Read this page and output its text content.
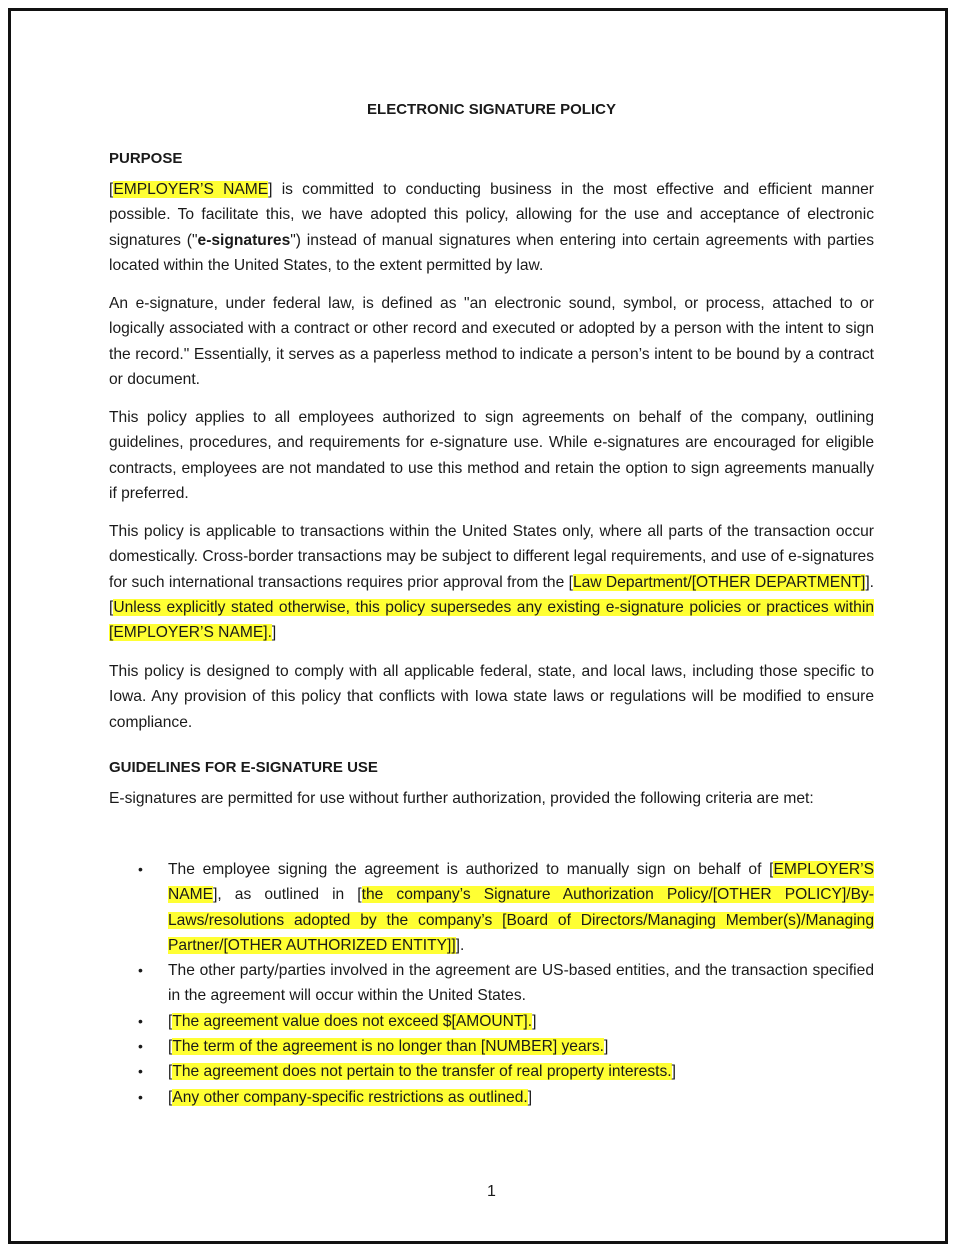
ELECTRONIC SIGNATURE POLICY
PURPOSE
[EMPLOYER’S NAME] is committed to conducting business in the most effective and efficient manner possible. To facilitate this, we have adopted this policy, allowing for the use and acceptance of electronic signatures ("e-signatures") instead of manual signatures when entering into certain agreements with parties located within the United States, to the extent permitted by law.
An e-signature, under federal law, is defined as "an electronic sound, symbol, or process, attached to or logically associated with a contract or other record and executed or adopted by a person with the intent to sign the record." Essentially, it serves as a paperless method to indicate a person’s intent to be bound by a contract or document.
This policy applies to all employees authorized to sign agreements on behalf of the company, outlining guidelines, procedures, and requirements for e-signature use. While e-signatures are encouraged for eligible contracts, employees are not mandated to use this method and retain the option to sign agreements manually if preferred.
This policy is applicable to transactions within the United States only, where all parts of the transaction occur domestically. Cross-border transactions may be subject to different legal requirements, and use of e-signatures for such international transactions requires prior approval from the [Law Department/[OTHER DEPARTMENT]]. [Unless explicitly stated otherwise, this policy supersedes any existing e-signature policies or practices within [EMPLOYER’S NAME].]
This policy is designed to comply with all applicable federal, state, and local laws, including those specific to Iowa. Any provision of this policy that conflicts with Iowa state laws or regulations will be modified to ensure compliance.
GUIDELINES FOR E-SIGNATURE USE
E-signatures are permitted for use without further authorization, provided the following criteria are met:
• The employee signing the agreement is authorized to manually sign on behalf of [EMPLOYER’S NAME], as outlined in [the company’s Signature Authorization Policy/[OTHER POLICY]/By-Laws/resolutions adopted by the company’s [Board of Directors/Managing Member(s)/Managing Partner/[OTHER AUTHORIZED ENTITY]]].
• The other party/parties involved in the agreement are US-based entities, and the transaction specified in the agreement will occur within the United States.
• [The agreement value does not exceed $[AMOUNT].]
• [The term of the agreement is no longer than [NUMBER] years.]
• [The agreement does not pertain to the transfer of real property interests.]
• [Any other company-specific restrictions as outlined.]
1
